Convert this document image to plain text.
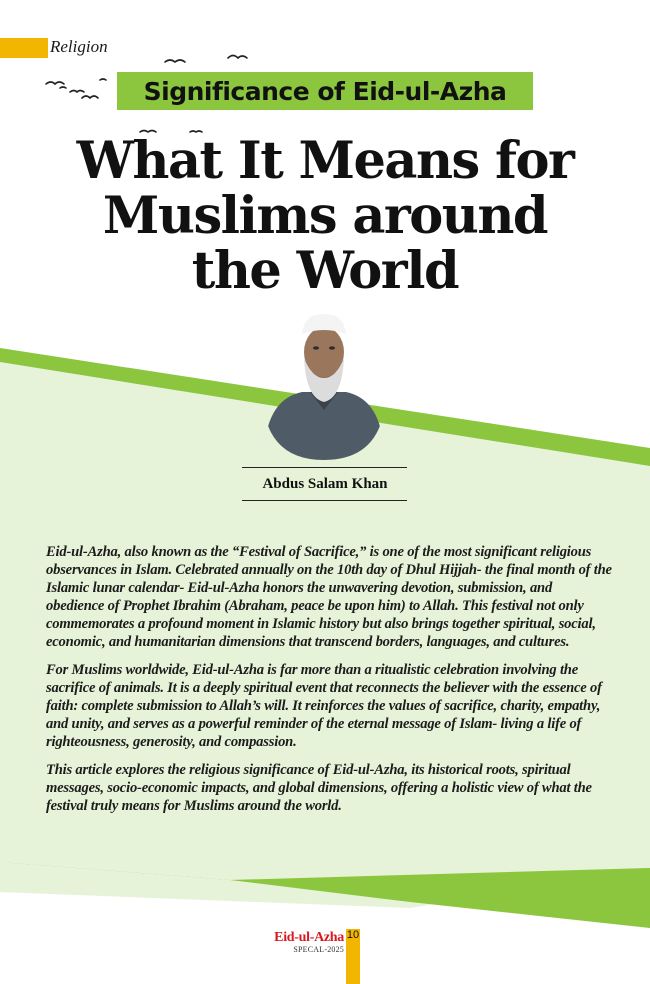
Religion
Significance of Eid-ul-Azha
What It Means for
Muslims around
the World
Abdus Salam Khan

Eid-ul-Azha, also known as the “Festival of Sacrifice,” is one of the most significant religious observances in Islam. Celebrated annually on the 10th day of Dhul Hijjah- the final month of the Islamic lunar calendar- Eid-ul-Azha honors the unwavering devotion, submission, and obedience of Prophet Ibrahim (Abraham, peace be upon him) to Allah. This festival not only commemorates a profound moment in Islamic history but also brings together spiritual, social, economic, and humanitarian dimensions that transcend borders, languages, and cultures.

For Muslims worldwide, Eid-ul-Azha is far more than a ritualistic celebration involving the sacrifice of animals. It is a deeply spiritual event that reconnects the believer with the essence of faith: complete submission to Allah’s will. It reinforces the values of sacrifice, charity, empathy, and unity, and serves as a powerful reminder of the eternal message of Islam- living a life of righteousness, generosity, and compassion.

This article explores the religious significance of Eid-ul-Azha, its historical roots, spiritual messages, socio-economic impacts, and global dimensions, offering a holistic view of what the festival truly means for Muslims around the world.

Eid-ul-Azha
SPECAL-2025
10
